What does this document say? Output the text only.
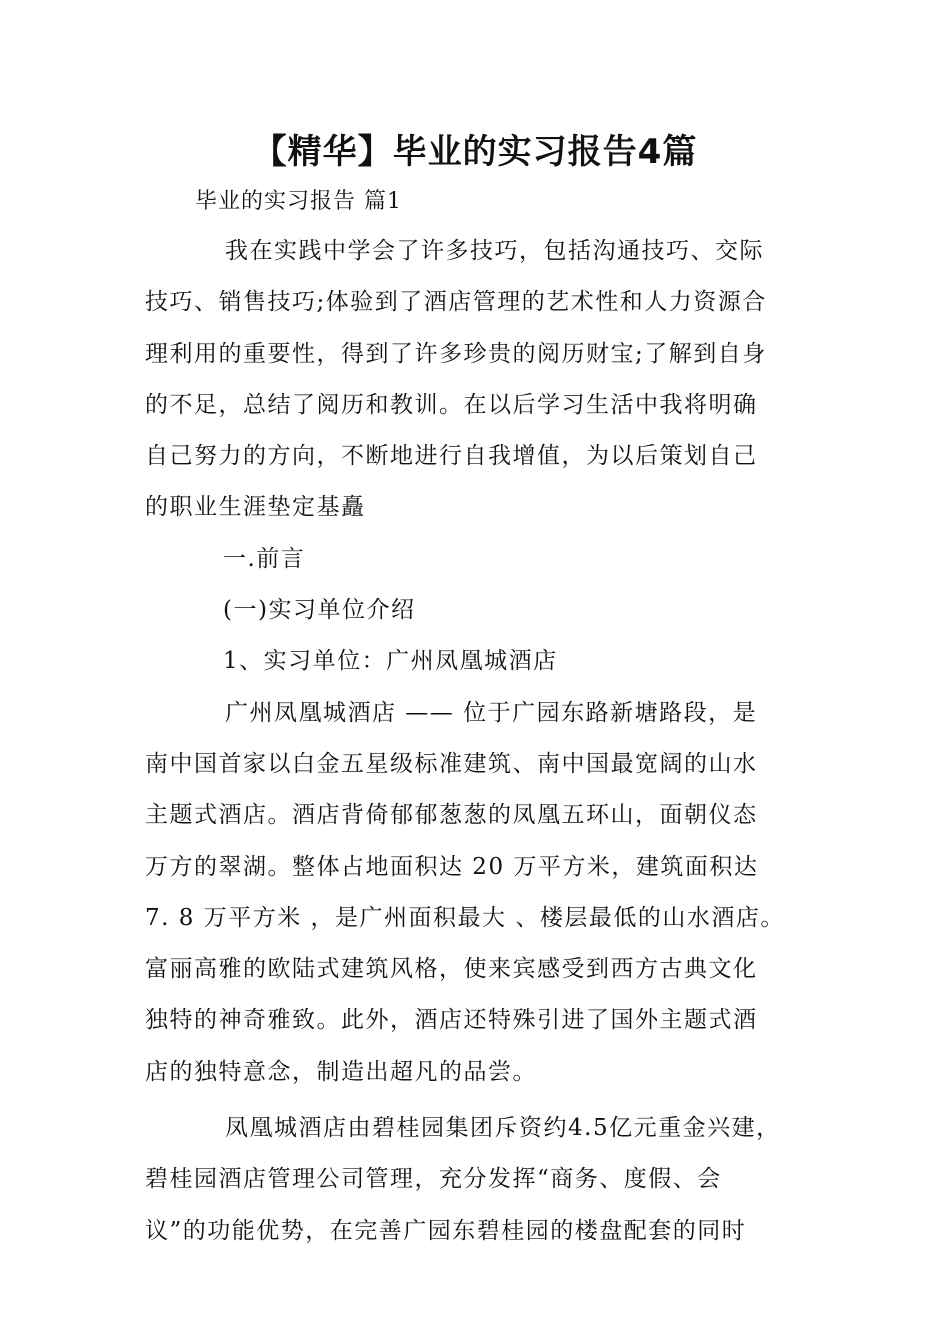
【精华】毕业的实习报告4篇
毕业的实习报告 篇1
我在实践中学会了许多技巧，包括沟通技巧、交际
技巧、销售技巧;体验到了酒店管理的艺术性和人力资源合
理利用的重要性，得到了许多珍贵的阅历财宝;了解到自身
的不足，总结了阅历和教训。在以后学习生活中我将明确
自己努力的方向，不断地进行自我增值，为以后策划自己
的职业生涯垫定基矗
一.前言
(一)实习单位介绍
1、实习单位：广州凤凰城酒店
广州凤凰城酒店 —— 位于广园东路新塘路段，是
南中国首家以白金五星级标准建筑、南中国最宽阔的山水
主题式酒店。酒店背倚郁郁葱葱的凤凰五环山，面朝仪态
万方的翠湖。整体占地面积达 20 万平方米，建筑面积达
7. 8 万平方米 ，是广州面积最大 、楼层最低的山水酒店。
富丽高雅的欧陆式建筑风格，使来宾感受到西方古典文化
独特的神奇雅致。此外，酒店还特殊引进了国外主题式酒
店的独特意念，制造出超凡的品尝。
凤凰城酒店由碧桂园集团斥资约4.5亿元重金兴建，
碧桂园酒店管理公司管理，充分发挥“商务、度假、会
议”的功能优势，在完善广园东碧桂园的楼盘配套的同时
